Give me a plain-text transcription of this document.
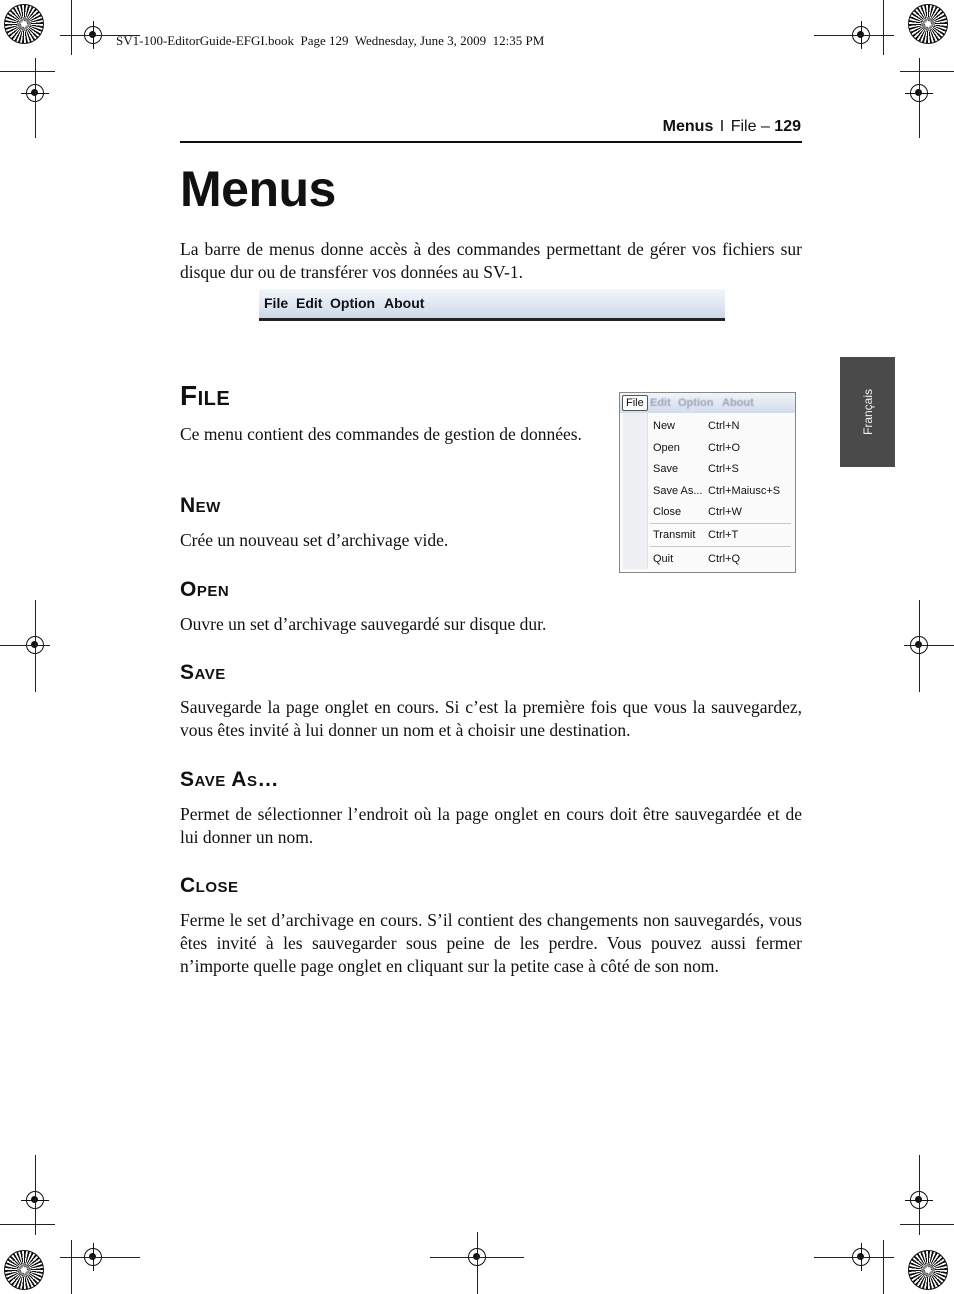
SV1-100-EditorGuide-EFGI.book  Page 129  Wednesday, June 3, 2009  12:35 PM
Menus I File – 129
Menus

La barre de menus donne accès à des commandes permettant de gérer vos fichiers sur disque dur ou de transférer vos données au SV-1.

File Edit Option About
Français
Edit Option About
File
New	Ctrl+N
Open	Ctrl+O
Save	Ctrl+S
Save As... Ctrl+Maiusc+S
Close Ctrl+W
Transmit Ctrl+T
Quit	Ctrl+Q
File

Ce menu contient des commandes de gestion de données.

New

Crée un nouveau set d’archivage vide.

Open

Ouvre un set d’archivage sauvegardé sur disque dur.

Save

Sauvegarde la page onglet en cours. Si c’est la première fois que vous la sauvegardez, vous êtes invité à lui donner un nom et à choisir une destination.

Save As…

Permet de sélectionner l’endroit où la page onglet en cours doit être sauvegardée et de lui donner un nom.

Close

Ferme le set d’archivage en cours. S’il contient des changements non sauvegardés, vous êtes invité à les sauvegarder sous peine de les perdre. Vous pouvez aussi fermer n’importe quelle page onglet en cliquant sur la petite case à côté de son nom.
